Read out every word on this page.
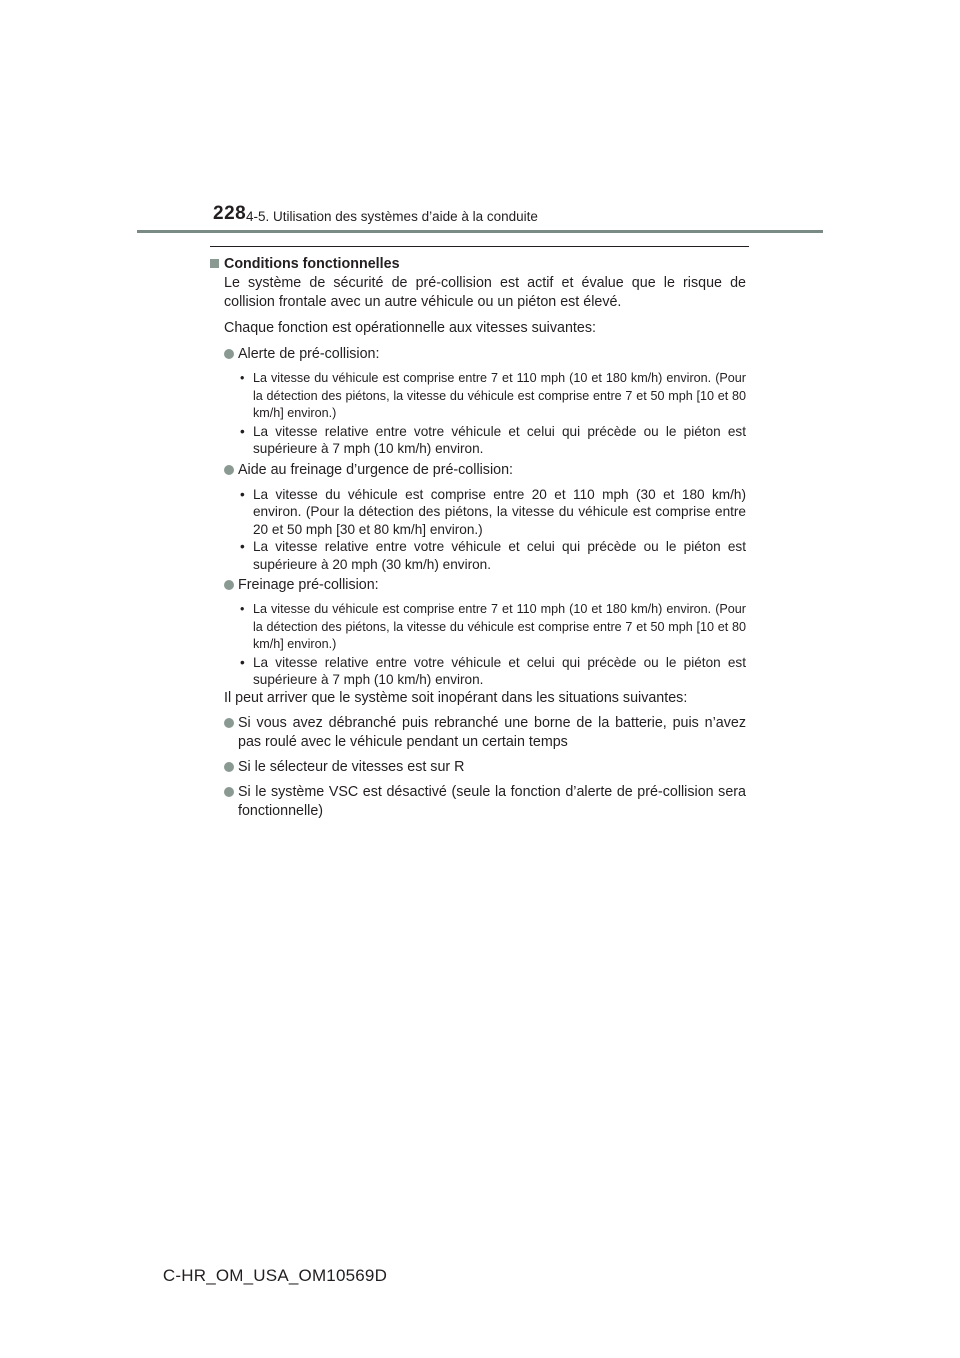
228 4-5. Utilisation des systèmes d’aide à la conduite
Conditions fonctionnelles

Le système de sécurité de pré-collision est actif et évalue que le risque de collision frontale avec un autre véhicule ou un piéton est élevé.

Chaque fonction est opérationnelle aux vitesses suivantes:

Alerte de pré-collision:
• La vitesse du véhicule est comprise entre 7 et 110 mph (10 et 180 km/h) environ. (Pour la détection des piétons, la vitesse du véhicule est comprise entre 7 et 50 mph [10 et 80 km/h] environ.)
• La vitesse relative entre votre véhicule et celui qui précède ou le piéton est supérieure à 7 mph (10 km/h) environ.
Aide au freinage d’urgence de pré-collision:
• La vitesse du véhicule est comprise entre 20 et 110 mph (30 et 180 km/h) environ. (Pour la détection des piétons, la vitesse du véhicule est comprise entre 20 et 50 mph [30 et 80 km/h] environ.)
• La vitesse relative entre votre véhicule et celui qui précède ou le piéton est supérieure à 20 mph (30 km/h) environ.
Freinage pré-collision:
• La vitesse du véhicule est comprise entre 7 et 110 mph (10 et 180 km/h) environ. (Pour la détection des piétons, la vitesse du véhicule est comprise entre 7 et 50 mph [10 et 80 km/h] environ.)
• La vitesse relative entre votre véhicule et celui qui précède ou le piéton est supérieure à 7 mph (10 km/h) environ.

Il peut arriver que le système soit inopérant dans les situations suivantes:

Si vous avez débranché puis rebranché une borne de la batterie, puis n’avez pas roulé avec le véhicule pendant un certain temps
Si le sélecteur de vitesses est sur R
Si le système VSC est désactivé (seule la fonction d’alerte de pré-collision sera fonctionnelle)
C-HR_OM_USA_OM10569D
